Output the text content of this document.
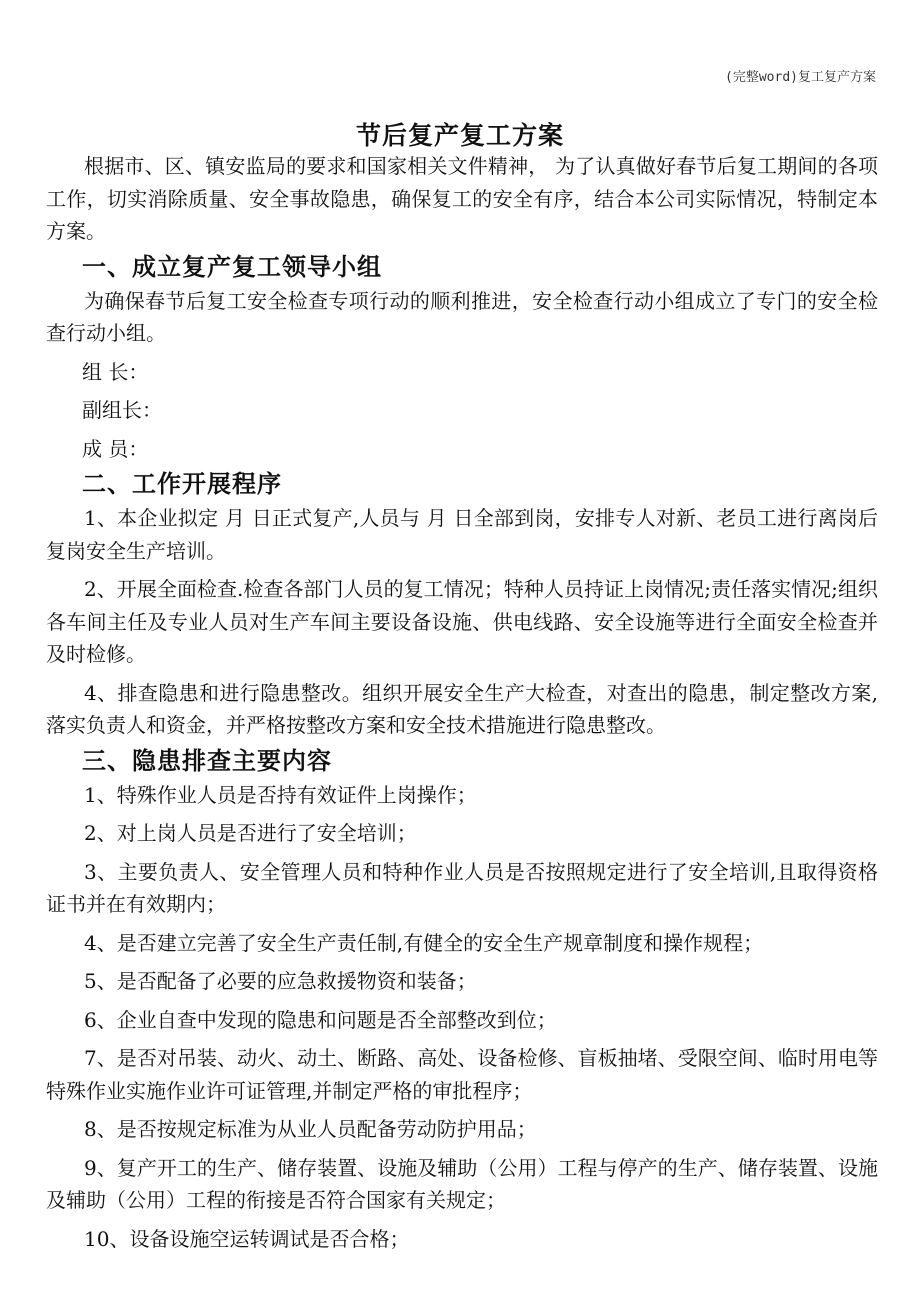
(完整word)复工复产方案
节后复产复工方案

根据市、区、镇安监局的要求和国家相关文件精神， 为了认真做好春节后复工期间的各项工作，切实消除质量、安全事故隐患，确保复工的安全有序，结合本公司实际情况，特制定本方案。

一、成立复产复工领导小组

为确保春节后复工安全检查专项行动的顺利推进，安全检查行动小组成立了专门的安全检查行动小组。

组 长：

副组长：

成 员：

二、工作开展程序

1、本企业拟定 月 日正式复产,人员与 月 日全部到岗，安排专人对新、老员工进行离岗后复岗安全生产培训。

2、开展全面检查.检查各部门人员的复工情况；特种人员持证上岗情况;责任落实情况;组织各车间主任及专业人员对生产车间主要设备设施、供电线路、安全设施等进行全面安全检查并及时检修。

4、排查隐患和进行隐患整改。组织开展安全生产大检查，对查出的隐患，制定整改方案,落实负责人和资金，并严格按整改方案和安全技术措施进行隐患整改。

三、隐患排查主要内容

1、特殊作业人员是否持有效证件上岗操作；

2、对上岗人员是否进行了安全培训；

3、主要负责人、安全管理人员和特种作业人员是否按照规定进行了安全培训,且取得资格证书并在有效期内；

4、是否建立完善了安全生产责任制,有健全的安全生产规章制度和操作规程；

5、是否配备了必要的应急救援物资和装备；

6、企业自查中发现的隐患和问题是否全部整改到位；

7、是否对吊装、动火、动土、断路、高处、设备检修、盲板抽堵、受限空间、临时用电等特殊作业实施作业许可证管理,并制定严格的审批程序；

8、是否按规定标准为从业人员配备劳动防护用品；

9、复产开工的生产、储存装置、设施及辅助（公用）工程与停产的生产、储存装置、设施及辅助（公用）工程的衔接是否符合国家有关规定；

10、设备设施空运转调试是否合格；
